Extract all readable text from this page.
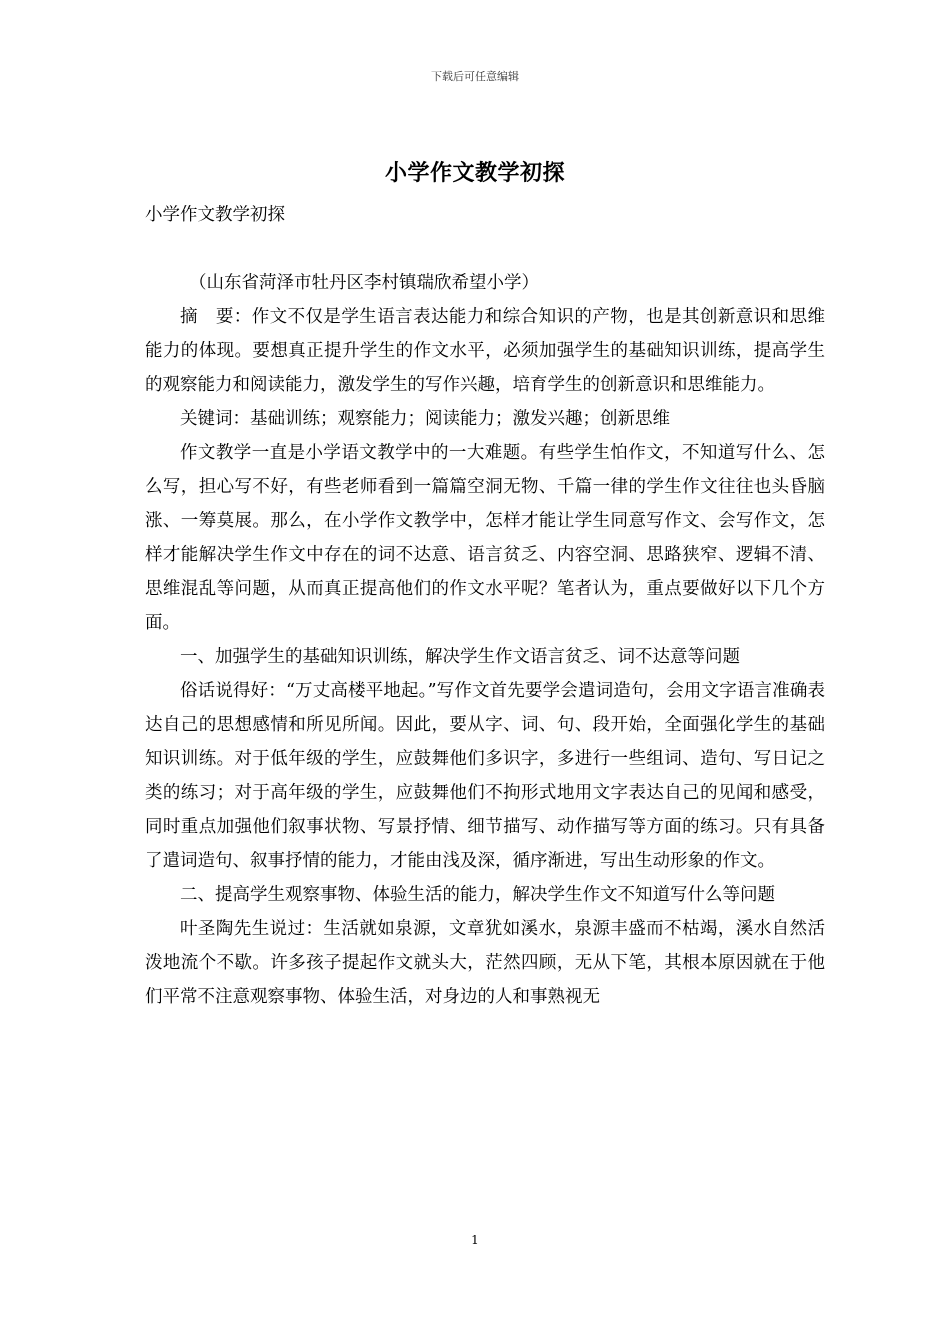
下载后可任意编辑
小学作文教学初探

小学作文教学初探

（山东省菏泽市牡丹区李村镇瑞欣希望小学）

摘　要：作文不仅是学生语言表达能力和综合知识的产物，也是其创新意识和思维能力的体现。要想真正提升学生的作文水平，必须加强学生的基础知识训练，提高学生的观察能力和阅读能力，激发学生的写作兴趣，培育学生的创新意识和思维能力。

关键词：基础训练；观察能力；阅读能力；激发兴趣；创新思维

作文教学一直是小学语文教学中的一大难题。有些学生怕作文，不知道写什么、怎么写，担心写不好，有些老师看到一篇篇空洞无物、千篇一律的学生作文往往也头昏脑涨、一筹莫展。那么，在小学作文教学中，怎样才能让学生同意写作文、会写作文，怎样才能解决学生作文中存在的词不达意、语言贫乏、内容空洞、思路狭窄、逻辑不清、思维混乱等问题，从而真正提高他们的作文水平呢？笔者认为，重点要做好以下几个方面。

一、加强学生的基础知识训练，解决学生作文语言贫乏、词不达意等问题

俗话说得好：“万丈高楼平地起。”写作文首先要学会遣词造句，会用文字语言准确表达自己的思想感情和所见所闻。因此，要从字、词、句、段开始，全面强化学生的基础知识训练。对于低年级的学生，应鼓舞他们多识字，多进行一些组词、造句、写日记之类的练习；对于高年级的学生，应鼓舞他们不拘形式地用文字表达自己的见闻和感受，同时重点加强他们叙事状物、写景抒情、细节描写、动作描写等方面的练习。只有具备了遣词造句、叙事抒情的能力，才能由浅及深，循序渐进，写出生动形象的作文。

二、提高学生观察事物、体验生活的能力，解决学生作文不知道写什么等问题

叶圣陶先生说过：生活就如泉源，文章犹如溪水，泉源丰盛而不枯竭，溪水自然活泼地流个不歇。许多孩子提起作文就头大，茫然四顾，无从下笔，其根本原因就在于他们平常不注意观察事物、体验生活，对身边的人和事熟视无

1
